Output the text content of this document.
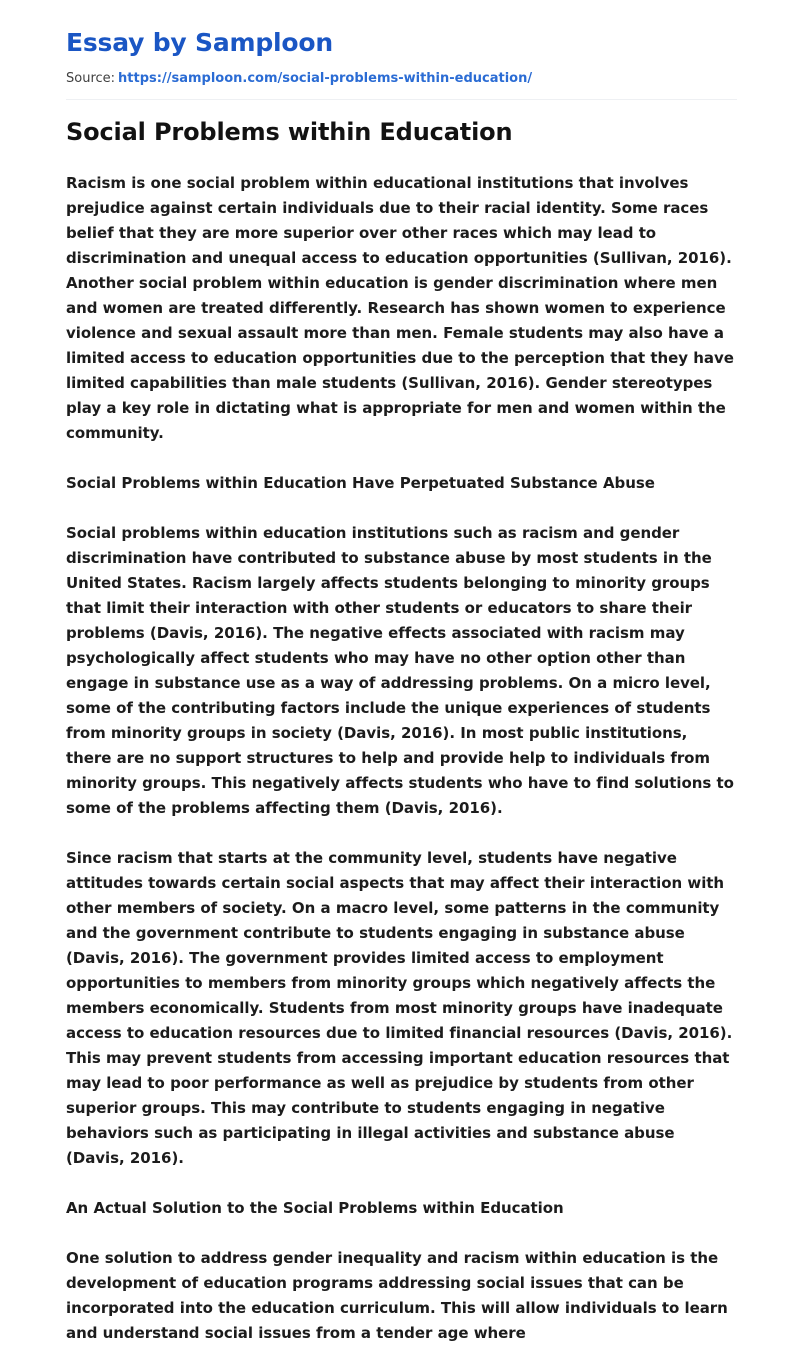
Essay by Samploon
Source: https://samploon.com/social-problems-within-education/
Social Problems within Education

Racism is one social problem within educational institutions that involves prejudice against certain individuals due to their racial identity. Some races belief that they are more superior over other races which may lead to discrimination and unequal access to education opportunities (Sullivan, 2016). Another social problem within education is gender discrimination where men and women are treated differently. Research has shown women to experience violence and sexual assault more than men. Female students may also have a limited access to education opportunities due to the perception that they have limited capabilities than male students (Sullivan, 2016). Gender stereotypes play a key role in dictating what is appropriate for men and women within the community.

Social Problems within Education Have Perpetuated Substance Abuse

Social problems within education institutions such as racism and gender discrimination have contributed to substance abuse by most students in the United States. Racism largely affects students belonging to minority groups that limit their interaction with other students or educators to share their problems (Davis, 2016). The negative effects associated with racism may psychologically affect students who may have no other option other than engage in substance use as a way of addressing problems. On a micro level, some of the contributing factors include the unique experiences of students from minority groups in society (Davis, 2016). In most public institutions, there are no support structures to help and provide help to individuals from minority groups. This negatively affects students who have to find solutions to some of the problems affecting them (Davis, 2016).

Since racism that starts at the community level, students have negative attitudes towards certain social aspects that may affect their interaction with other members of society. On a macro level, some patterns in the community and the government contribute to students engaging in substance abuse (Davis, 2016). The government provides limited access to employment opportunities to members from minority groups which negatively affects the members economically. Students from most minority groups have inadequate access to education resources due to limited financial resources (Davis, 2016). This may prevent students from accessing important education resources that may lead to poor performance as well as prejudice by students from other superior groups. This may contribute to students engaging in negative behaviors such as participating in illegal activities and substance abuse (Davis, 2016).

An Actual Solution to the Social Problems within Education

One solution to address gender inequality and racism within education is the development of education programs addressing social issues that can be incorporated into the education curriculum. This will allow individuals to learn and understand social issues from a tender age where
